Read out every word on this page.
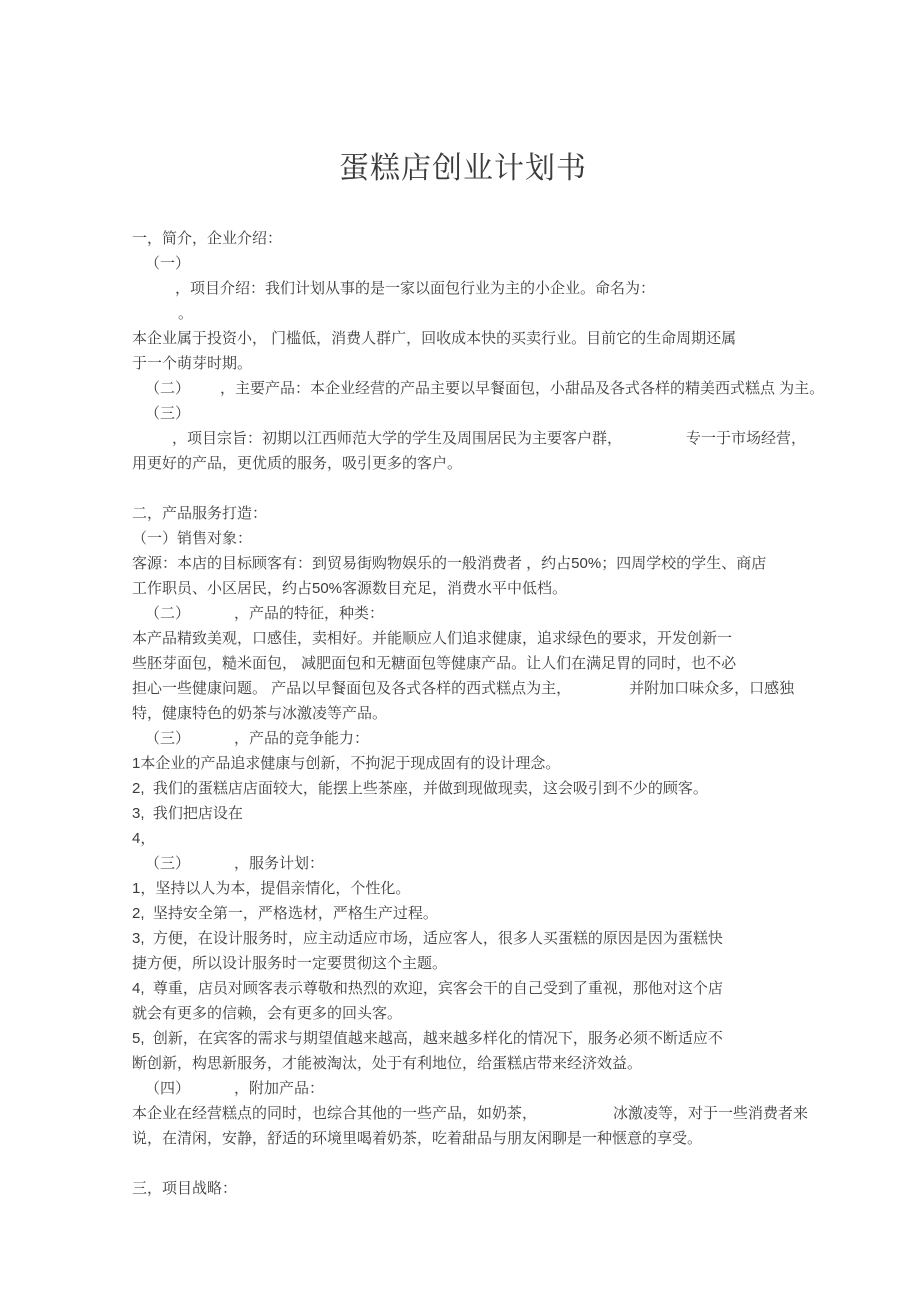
蛋糕店创业计划书
一，简介，企业介绍：
（一）
，项目介绍：我们计划从事的是一家以面包行业为主的小企业。命名为：
。
本企业属于投资小， 门槛低，消费人群广，回收成本快的买卖行业。目前它的生命周期还属
于一个萌芽时期。
（二） ，主要产品：本企业经营的产品主要以早餐面包，小甜品及各式各样的精美西式糕点 为主。
（三）
，项目宗旨：初期以江西师范大学的学生及周围居民为主要客户群，	专一于市场经营，
用更好的产品，更优质的服务，吸引更多的客户。

二，产品服务打造：
（一）销售对象：
客源：本店的目标顾客有：到贸易街购物娱乐的一般消费者 ，约占50%；四周学校的学生、商店
工作职员、小区居民，约占50%客源数目充足，消费水平中低档。
（二）	，产品的特征，种类：
本产品精致美观，口感佳，卖相好。并能顺应人们追求健康，追求绿色的要求，开发创新一
些胚芽面包，糙米面包， 减肥面包和无糖面包等健康产品。让人们在满足胃的同时，也不必
担心一些健康问题。 产品以早餐面包及各式各样的西式糕点为主，	并附加口味众多，口感独
特，健康特色的奶茶与冰激凌等产品。
（三）	，产品的竞争能力：
1本企业的产品追求健康与创新，不拘泥于现成固有的设计理念。
2,  我们的蛋糕店店面较大，能摆上些茶座，并做到现做现卖，这会吸引到不少的顾客。
3,  我们把店设在
4，
（三）	，服务计划：
1，坚持以人为本，提倡亲情化，个性化。
2,  坚持安全第一，严格选材，严格生产过程。
3,  方便，在设计服务时，应主动适应市场，适应客人，很多人买蛋糕的原因是因为蛋糕快
捷方便，所以设计服务时一定要贯彻这个主题。
4,  尊重，店员对顾客表示尊敬和热烈的欢迎，宾客会干的自己受到了重视，那他对这个店
就会有更多的信赖，会有更多的回头客。
5,  创新，在宾客的需求与期望值越来越高，越来越多样化的情况下，服务必须不断适应不
断创新，构思新服务，才能被淘汰，处于有利地位，给蛋糕店带来经济效益。
（四）	，附加产品：
本企业在经营糕点的同时，也综合其他的一些产品，如奶茶，	冰激凌等，对于一些消费者来
说，在清闲，安静，舒适的环境里喝着奶茶，吃着甜品与朋友闲聊是一种惬意的享受。

三，项目战略：
